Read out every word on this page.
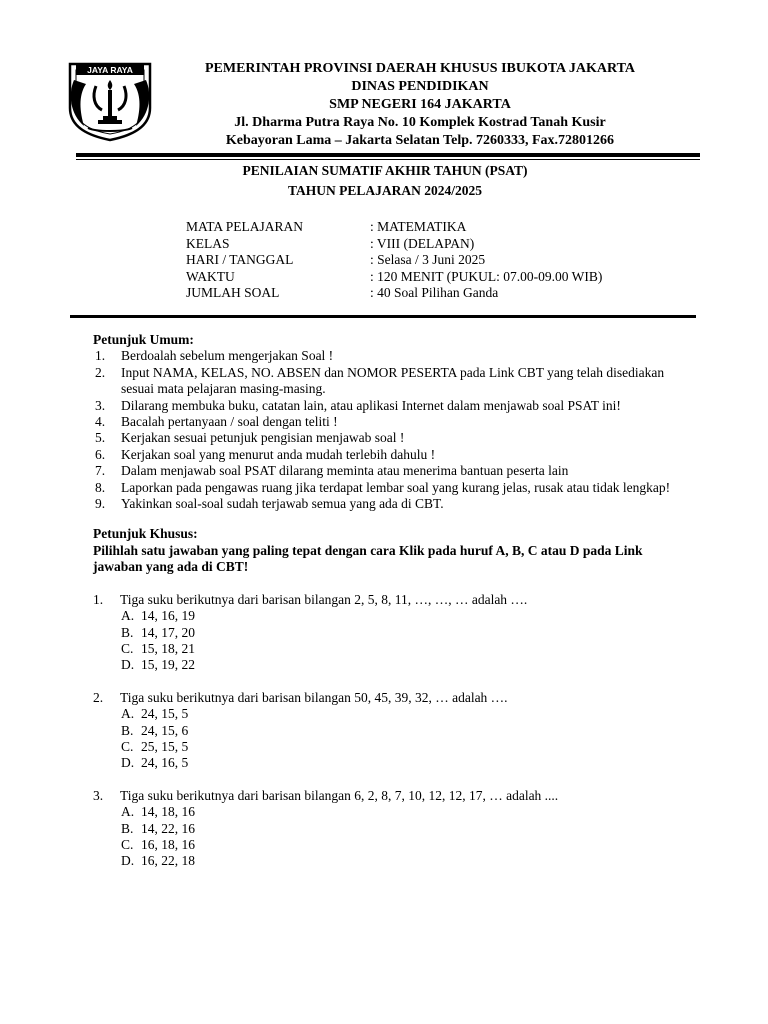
JAYA RAYA	PEMERINTAH PROVINSI DAERAH KHUSUS IBUKOTA JAKARTA
DINAS PENDIDIKAN
SMP NEGERI 164 JAKARTA
Jl. Dharma Putra Raya No. 10 Komplek Kostrad Tanah Kusir
Kebayoran Lama – Jakarta Selatan Telp. 7260333, Fax.72801266
PENILAIAN SUMATIF AKHIR TAHUN (PSAT)
TAHUN PELAJARAN 2024/2025
MATA PELAJARAN	: MATEMATIKA
KELAS	: VIII (DELAPAN)
HARI / TANGGAL	: Selasa / 3 Juni 2025
WAKTU	: 120 MENIT (PUKUL: 07.00-09.00 WIB)
JUMLAH SOAL	: 40 Soal Pilihan Ganda
Petunjuk Umum:
1. Berdoalah sebelum mengerjakan Soal !
2. Input NAMA, KELAS, NO. ABSEN dan NOMOR PESERTA pada Link CBT yang telah disediakan sesuai mata pelajaran masing-masing.
3. Dilarang membuka buku, catatan lain, atau aplikasi Internet dalam menjawab soal PSAT ini!
4. Bacalah pertanyaan / soal dengan teliti !
5. Kerjakan sesuai petunjuk pengisian menjawab soal !
6. Kerjakan soal yang menurut anda mudah terlebih dahulu !
7. Dalam menjawab soal PSAT dilarang meminta atau menerima bantuan peserta lain
8. Laporkan pada pengawas ruang jika terdapat lembar soal yang kurang jelas, rusak atau tidak lengkap!
9. Yakinkan soal-soal sudah terjawab semua yang ada di CBT.
Petunjuk Khusus:
Pilihlah satu jawaban yang paling tepat dengan cara Klik pada huruf A, B, C atau D pada Link jawaban yang ada di CBT!
1. Tiga suku berikutnya dari barisan bilangan 2, 5, 8, 11, …, …, … adalah ….
A. 14, 16, 19
B. 14, 17, 20
C. 15, 18, 21
D. 15, 19, 22
2. Tiga suku berikutnya dari barisan bilangan 50, 45, 39, 32, … adalah ….
A. 24, 15, 5
B. 24, 15, 6
C. 25, 15, 5
D. 24, 16, 5
3. Tiga suku berikutnya dari barisan bilangan 6, 2, 8, 7, 10, 12, 12, 17, … adalah ....
A. 14, 18, 16
B. 14, 22, 16
C. 16, 18, 16
D. 16, 22, 18
